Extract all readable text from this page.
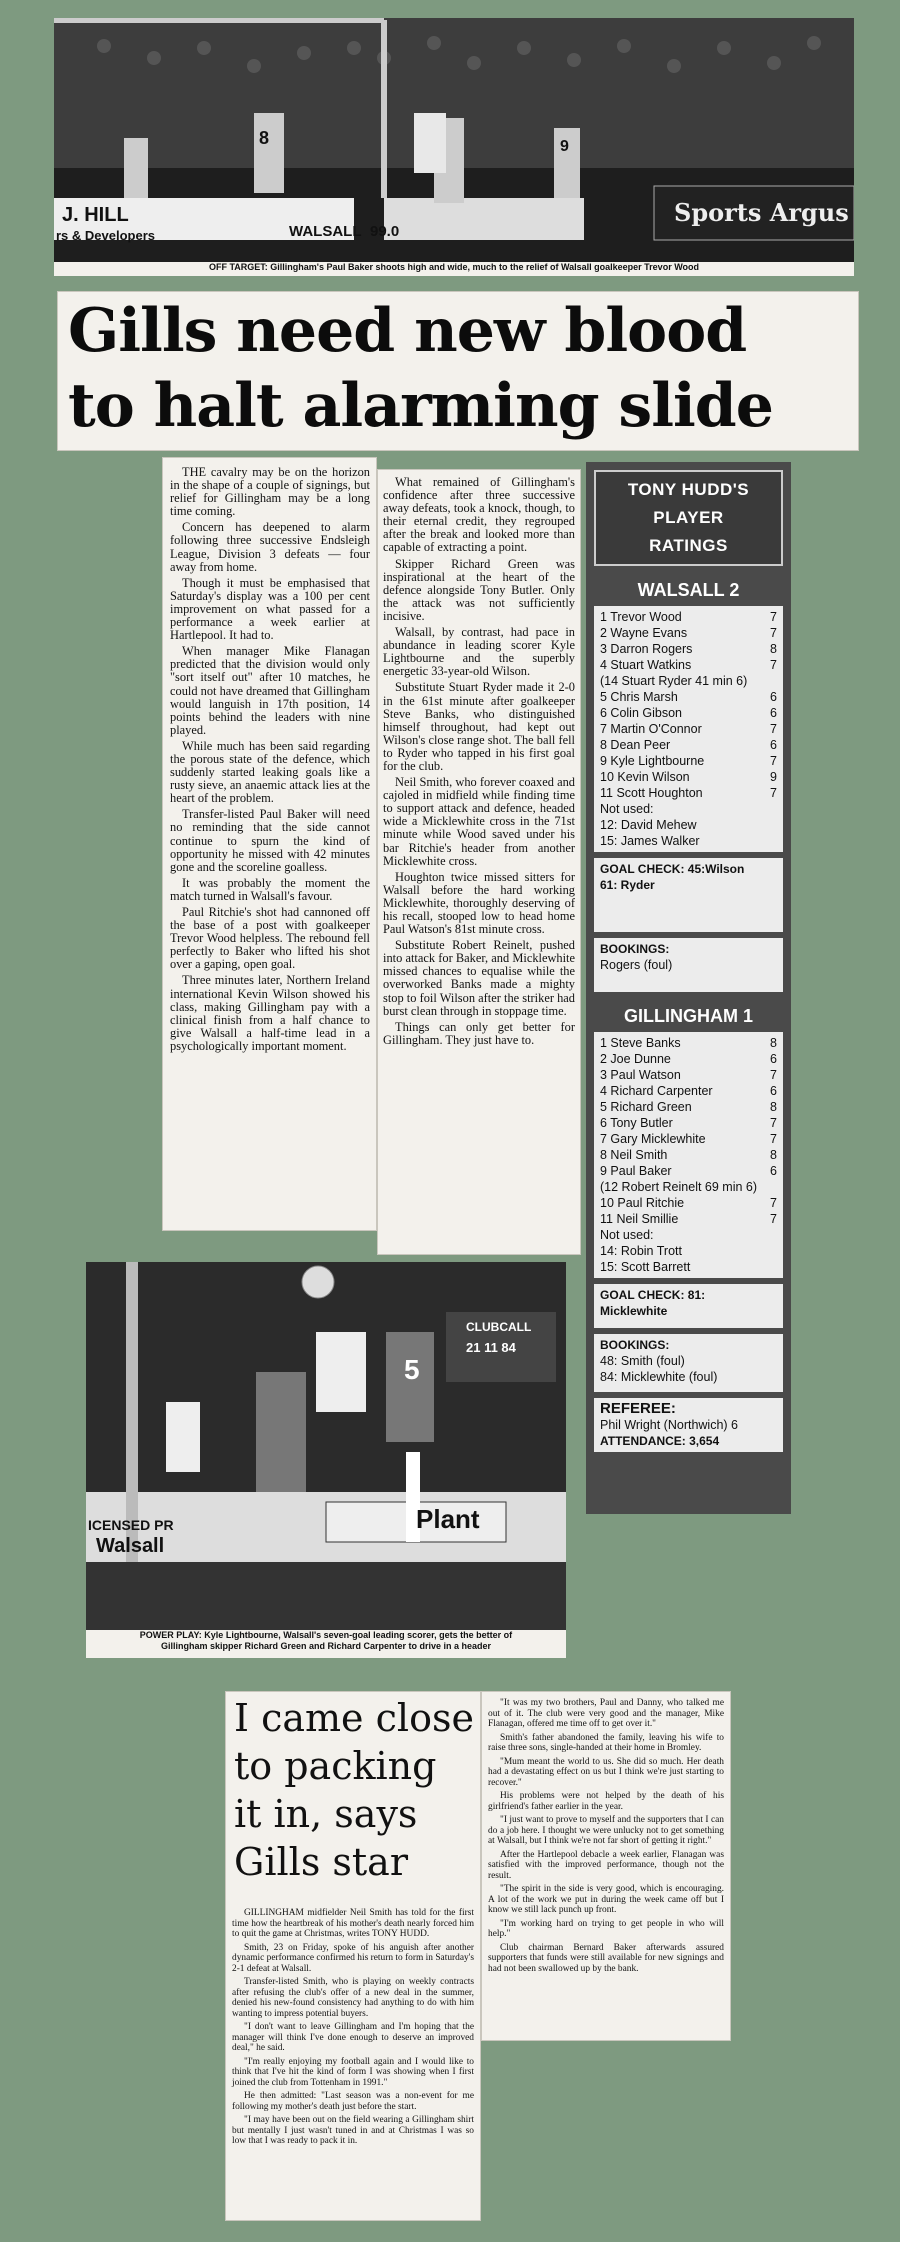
J. HILL
rs & Developers	WALSALL 99.0
Sports Argus
8	9
OFF TARGET: Gillingham's Paul Baker shoots high and wide, much to the relief of Walsall goalkeeper Trevor Wood
Gills need new blood
to halt alarming slide

THE cavalry may be on the horizon in the shape of a couple of signings, but relief for Gillingham may be a long time coming.

Concern has deepened to alarm following three successive Endsleigh League, Division 3 defeats — four away from home.

Though it must be emphasised that Saturday's display was a 100 per cent improvement on what passed for a performance a week earlier at Hartlepool. It had to.

When manager Mike Flanagan predicted that the division would only "sort itself out" after 10 matches, he could not have dreamed that Gillingham would languish in 17th position, 14 points behind the leaders with nine played.

While much has been said regarding the porous state of the defence, which suddenly started leaking goals like a rusty sieve, an anaemic attack lies at the heart of the problem.

Transfer-listed Paul Baker will need no reminding that the side cannot continue to spurn the kind of opportunity he missed with 42 minutes gone and the scoreline goalless.

It was probably the moment the match turned in Walsall's favour.

Paul Ritchie's shot had cannoned off the base of a post with goalkeeper Trevor Wood helpless. The rebound fell perfectly to Baker who lifted his shot over a gaping, open goal.

Three minutes later, Northern Ireland international Kevin Wilson showed his class, making Gillingham pay with a clinical finish from a half chance to give Walsall a half-time lead in a psychologically important moment.

What remained of Gillingham's confidence after three successive away defeats, took a knock, though, to their eternal credit, they regrouped after the break and looked more than capable of extracting a point.

Skipper Richard Green was inspirational at the heart of the defence alongside Tony Butler. Only the attack was not sufficiently incisive.

Walsall, by contrast, had pace in abundance in leading scorer Kyle Lightbourne and the superbly energetic 33-year-old Wilson.

Substitute Stuart Ryder made it 2-0 in the 61st minute after goalkeeper Steve Banks, who distinguished himself throughout, had kept out Wilson's close range shot. The ball fell to Ryder who tapped in his first goal for the club.

Neil Smith, who forever coaxed and cajoled in midfield while finding time to support attack and defence, headed wide a Micklewhite cross in the 71st minute while Wood saved under his bar Ritchie's header from another Micklewhite cross.

Houghton twice missed sitters for Walsall before the hard working Micklewhite, thoroughly deserving of his recall, stooped low to head home Paul Watson's 81st minute cross.

Substitute Robert Reinelt, pushed into attack for Baker, and Micklewhite missed chances to equalise while the overworked Banks made a mighty stop to foil Wilson after the striker had burst clean through in stoppage time.

Things can only get better for Gillingham. They just have to.

TONY HUDD'S
PLAYER
RATINGS
WALSALL 2
1 Trevor Wood	7
2 Wayne Evans	7
3 Darron Rogers	8
4 Stuart Watkins	7
(14 Stuart Ryder 41 min 6)
5 Chris Marsh	6
6 Colin Gibson	6
7 Martin O'Connor	7
8 Dean Peer	6
9 Kyle Lightbourne	7
10 Kevin Wilson	9
11 Scott Houghton	7
Not used:
12: David Mehew
15: James Walker
GOAL CHECK: 45:Wilson
61: Ryder
BOOKINGS:
Rogers (foul)
GILLINGHAM 1
1 Steve Banks	8
2 Joe Dunne	6
3 Paul Watson	7
4 Richard Carpenter	6
5 Richard Green	8
6 Tony Butler	7
7 Gary Micklewhite	7
8 Neil Smith	8
9 Paul Baker	6
(12 Robert Reinelt 69 min 6)
10 Paul Ritchie	7
11 Neil Smillie	7
Not used:
14: Robin Trott
15: Scott Barrett
GOAL CHECK: 81:
Micklewhite
BOOKINGS:
48: Smith (foul)
84: Micklewhite (foul)
REFEREE:
Phil Wright (Northwich) 6
ATTENDANCE: 3,654
5
CLUBCALL
21 11 84
Plant
ICENSED PR
Walsall
POWER PLAY: Kyle Lightbourne, Walsall's seven-goal leading scorer, gets the better of
Gillingham skipper Richard Green and Richard Carpenter to drive in a header
I came close
to packing
it in, says
Gills star

GILLINGHAM midfielder Neil Smith has told for the first time how the heartbreak of his mother's death nearly forced him to quit the game at Christmas, writes TONY HUDD.

Smith, 23 on Friday, spoke of his anguish after another dynamic performance confirmed his return to form in Saturday's 2-1 defeat at Walsall.

Transfer-listed Smith, who is playing on weekly contracts after refusing the club's offer of a new deal in the summer, denied his new-found consistency had anything to do with him wanting to impress potential buyers.

"I don't want to leave Gillingham and I'm hoping that the manager will think I've done enough to deserve an improved deal," he said.

"I'm really enjoying my football again and I would like to think that I've hit the kind of form I was showing when I first joined the club from Tottenham in 1991."

He then admitted: "Last season was a non-event for me following my mother's death just before the start.

"I may have been out on the field wearing a Gillingham shirt but mentally I just wasn't tuned in and at Christmas I was so low that I was ready to pack it in.

"It was my two brothers, Paul and Danny, who talked me out of it. The club were very good and the manager, Mike Flanagan, offered me time off to get over it."

Smith's father abandoned the family, leaving his wife to raise three sons, single-handed at their home in Bromley.

"Mum meant the world to us. She did so much. Her death had a devastating effect on us but I think we're just starting to recover."

His problems were not helped by the death of his girlfriend's father earlier in the year.

"I just want to prove to myself and the supporters that I can do a job here. I thought we were unlucky not to get something at Walsall, but I think we're not far short of getting it right."

After the Hartlepool debacle a week earlier, Flanagan was satisfied with the improved performance, though not the result.

"The spirit in the side is very good, which is encouraging. A lot of the work we put in during the week came off but I know we still lack punch up front.

"I'm working hard on trying to get people in who will help."

Club chairman Bernard Baker afterwards assured supporters that funds were still available for new signings and had not been swallowed up by the bank.
